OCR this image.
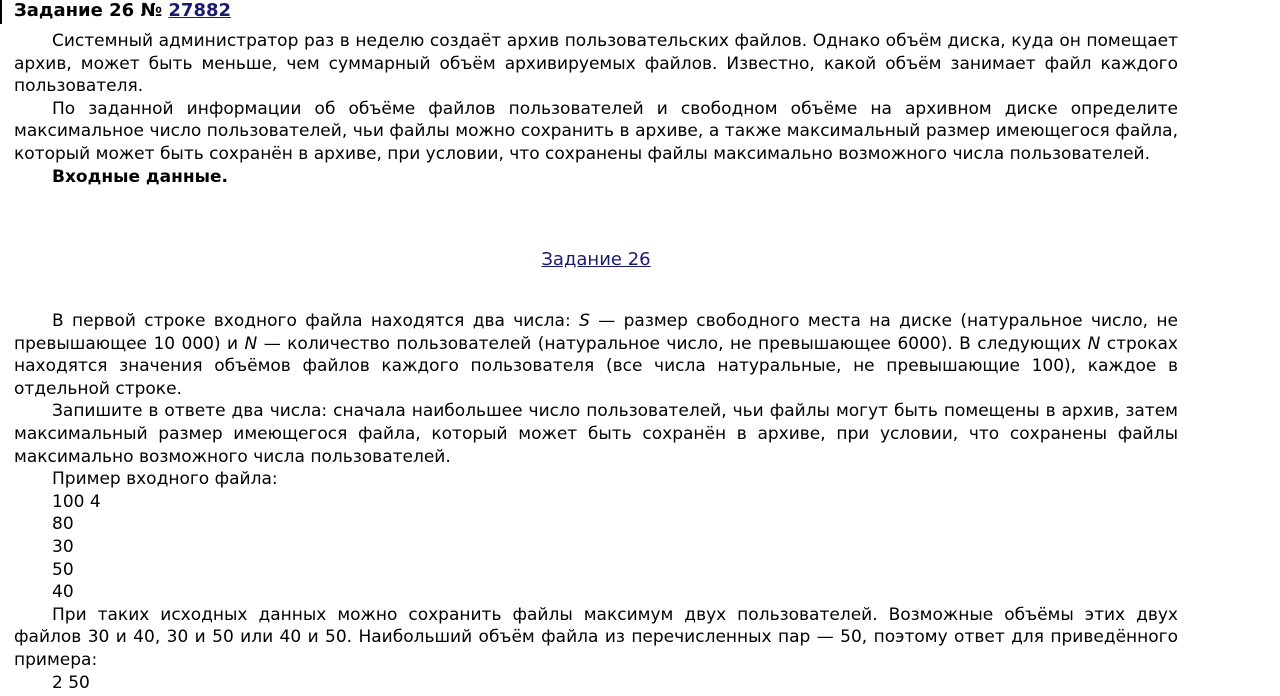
Задание 26 № 27882

Системный администратор раз в неделю создаёт архив пользовательских файлов. Однако объём диска, куда он помещает архив, может быть меньше, чем суммарный объём архивируемых файлов. Известно, какой объём занимает файл каждого пользователя.

По заданной информации об объёме файлов пользователей и свободном объёме на архивном диске определите максимальное число пользователей, чьи файлы можно сохранить в архиве, а также максимальный размер имеющегося файла, который может быть сохранён в архиве, при условии, что сохранены файлы максимально возможного числа пользователей.

Входные данные.

Задание 26

В первой строке входного файла находятся два числа: S — размер свободного места на диске (натуральное число, не превышающее 10 000) и N — количество пользователей (натуральное число, не превышающее 6000). В следующих N строках находятся значения объёмов файлов каждого пользователя (все числа натуральные, не превышающие 100), каждое в отдельной строке.

Запишите в ответе два числа: сначала наибольшее число пользователей, чьи файлы могут быть помещены в архив, затем максимальный размер имеющегося файла, который может быть сохранён в архиве, при условии, что сохранены файлы максимально возможного числа пользователей.

Пример входного файла:

100 4
80
30
50
40

При таких исходных данных можно сохранить файлы максимум двух пользователей. Возможные объёмы этих двух файлов 30 и 40, 30 и 50 или 40 и 50. Наибольший объём файла из перечисленных пар — 50, поэтому ответ для приведённого примера:

2 50
